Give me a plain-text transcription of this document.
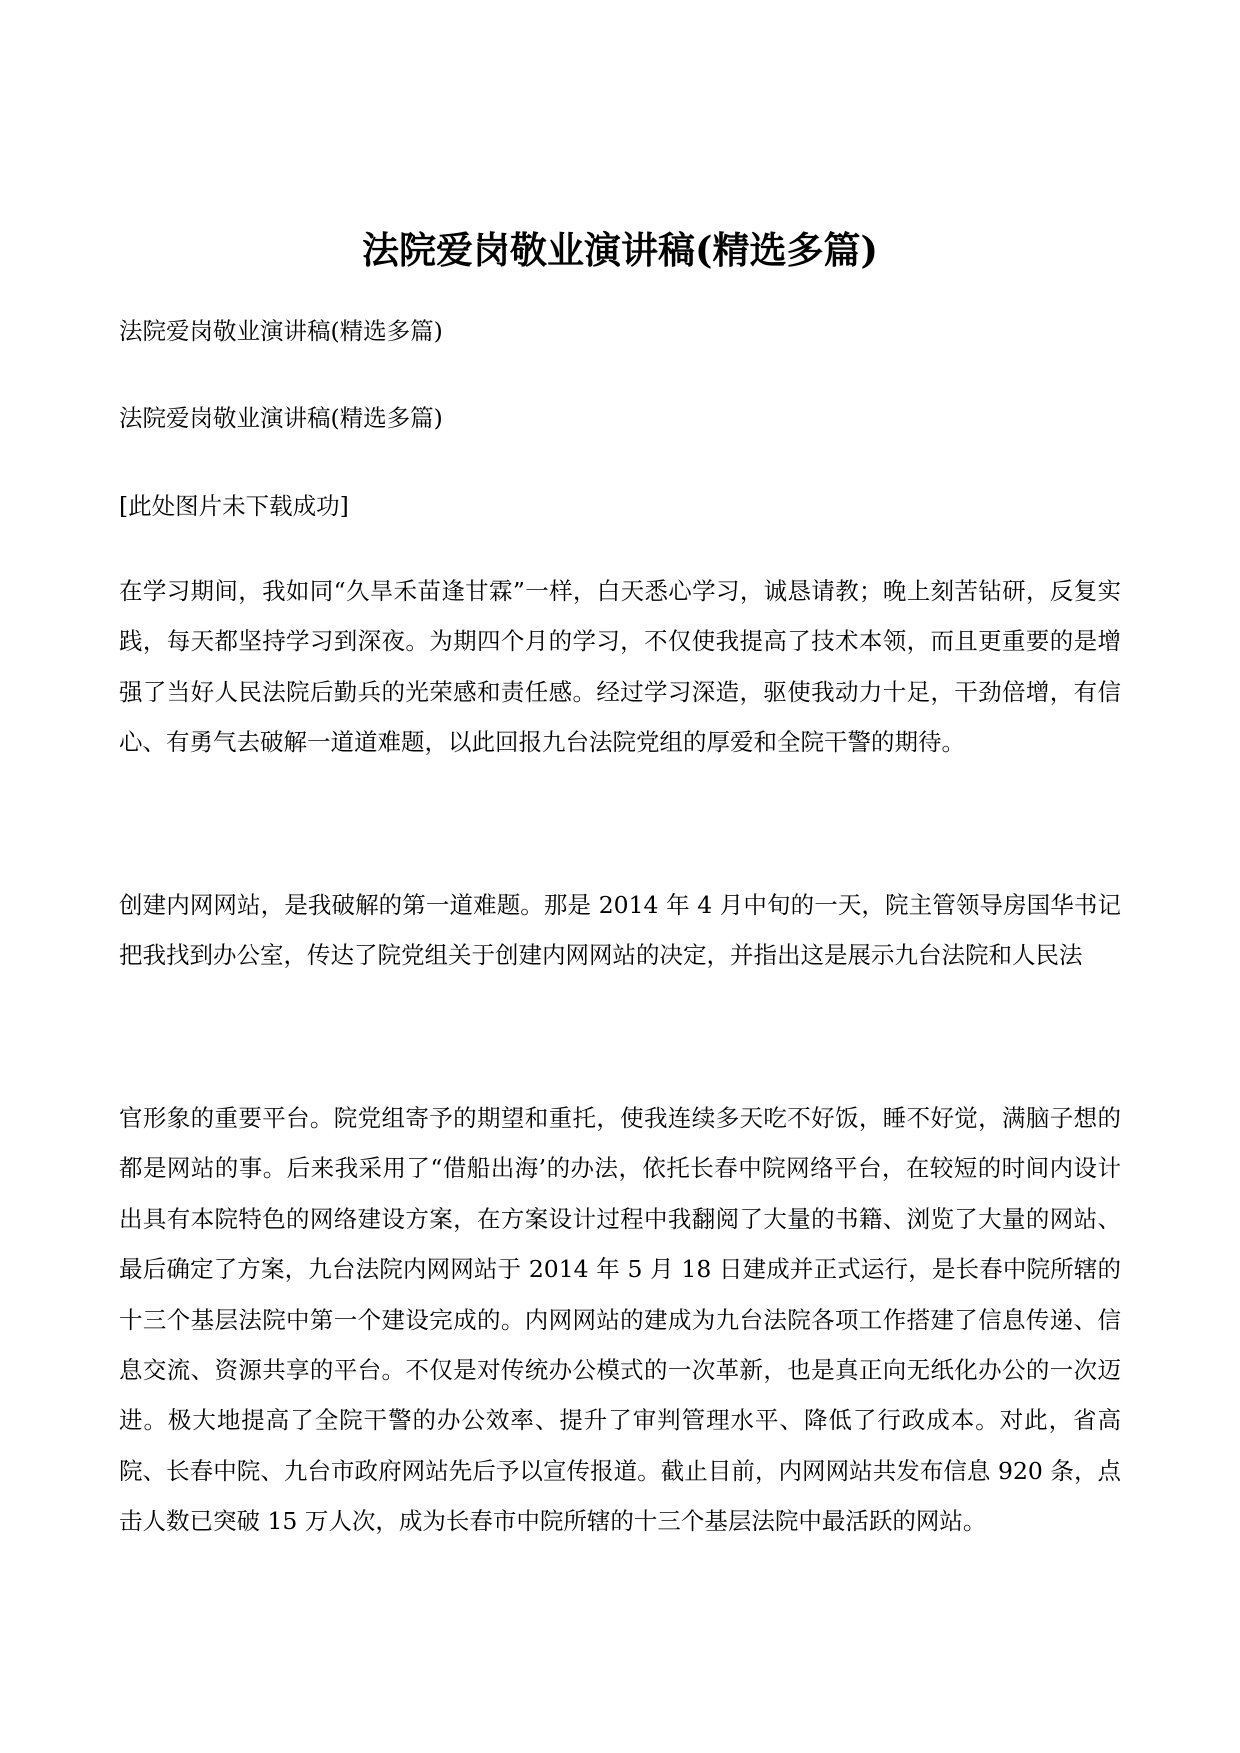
法院爱岗敬业演讲稿(精选多篇)

法院爱岗敬业演讲稿(精选多篇)

法院爱岗敬业演讲稿(精选多篇)

[此处图片未下载成功]

在学习期间，我如同“久旱禾苗逢甘霖”一样，白天悉心学习，诚恳请教；晚上刻苦钻研，反复实践，每天都坚持学习到深夜。为期四个月的学习，不仅使我提高了技术本领，而且更重要的是增强了当好人民法院后勤兵的光荣感和责任感。经过学习深造，驱使我动力十足，干劲倍增，有信心、有勇气去破解一道道难题，以此回报九台法院党组的厚爱和全院干警的期待。

创建内网网站，是我破解的第一道难题。那是 2014 年 4 月中旬的一天，院主管领导房国华书记把我找到办公室，传达了院党组关于创建内网网站的决定，并指出这是展示九台法院和人民法

官形象的重要平台。院党组寄予的期望和重托，使我连续多天吃不好饭，睡不好觉，满脑子想的都是网站的事。后来我采用了“借船出海’的办法，依托长春中院网络平台，在较短的时间内设计出具有本院特色的网络建设方案，在方案设计过程中我翻阅了大量的书籍、浏览了大量的网站、最后确定了方案，九台法院内网网站于 2014 年 5 月 18 日建成并正式运行，是长春中院所辖的十三个基层法院中第一个建设完成的。内网网站的建成为九台法院各项工作搭建了信息传递、信息交流、资源共享的平台。不仅是对传统办公模式的一次革新，也是真正向无纸化办公的一次迈进。极大地提高了全院干警的办公效率、提升了审判管理水平、降低了行政成本。对此，省高院、长春中院、九台市政府网站先后予以宣传报道。截止目前，内网网站共发布信息 920 条，点击人数已突破 15 万人次，成为长春市中院所辖的十三个基层法院中最活跃的网站。
